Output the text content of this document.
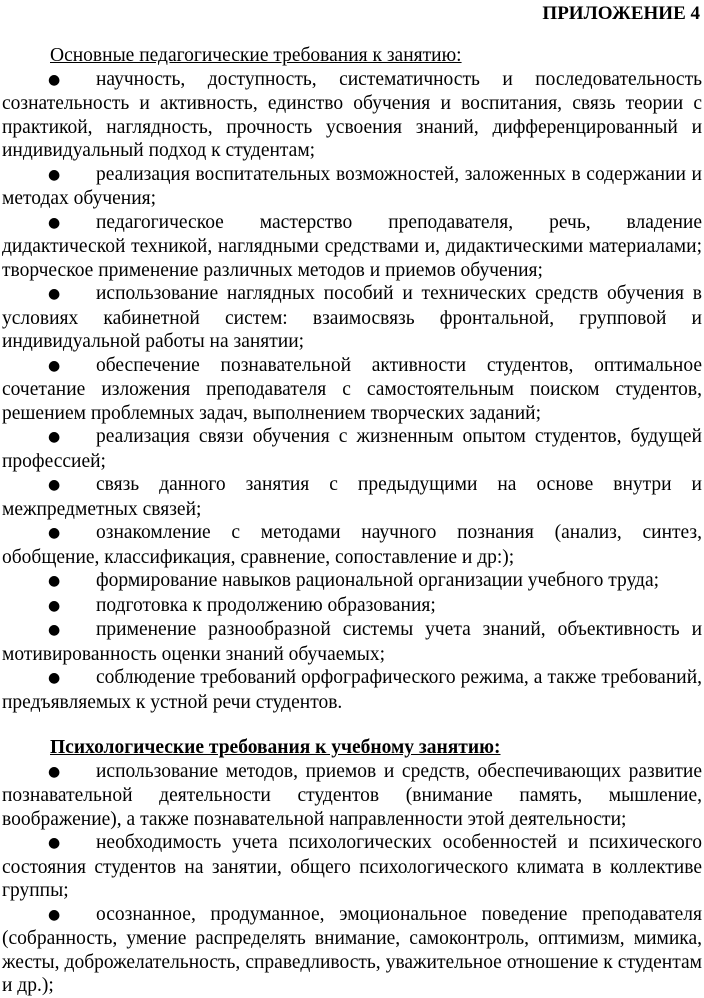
ПРИЛОЖЕНИЕ 4

Основные педагогические требования к занятию:

● научность, доступность, систематичность и последовательность сознательность и активность, единство обучения и воспитания, связь теории с практикой, наглядность, прочность усвоения знаний, дифференцированный и индивидуальный подход к студентам;

● реализация воспитательных возможностей, заложенных в содержании и методах обучения;

● педагогическое мастерство преподавателя, речь, владение дидактической техникой, наглядными средствами и, дидактическими материалами; творческое применение различных методов и приемов обучения;

● использование наглядных пособий и технических средств обучения в условиях кабинетной систем: взаимосвязь фронтальной, групповой и индивидуальной работы на занятии;

● обеспечение познавательной активности студентов, оптимальное сочетание изложения преподавателя с самостоятельным поиском студентов, решением проблемных задач, выполнением творческих заданий;

● реализация связи обучения с жизненным опытом студентов, будущей профессией;

● связь данного занятия с предыдущими на основе внутри и межпредметных связей;

● ознакомление с методами научного познания (анализ, синтез, обобщение, классификация, сравнение, сопоставление и др:);

● формирование навыков рациональной организации учебного труда;

● подготовка к продолжению образования;

● применение разнообразной системы учета знаний, объективность и мотивированность оценки знаний обучаемых;

● соблюдение требований орфографического режима, а также требований, предъявляемых к устной речи студентов.

Психологические требования к учебному занятию:

● использование методов, приемов и средств, обеспечивающих развитие познавательной деятельности студентов (внимание память, мышление, воображение), а также познавательной направленности этой деятельности;

● необходимость учета психологических особенностей и психического состояния студентов на занятии, общего психологического климата в коллективе группы;

● осознанное, продуманное, эмоциональное поведение преподавателя (собранность, умение распределять внимание, самоконтроль, оптимизм, мимика, жесты, доброжелательность, справедливость, уважительное отношение к студентам и др.);
